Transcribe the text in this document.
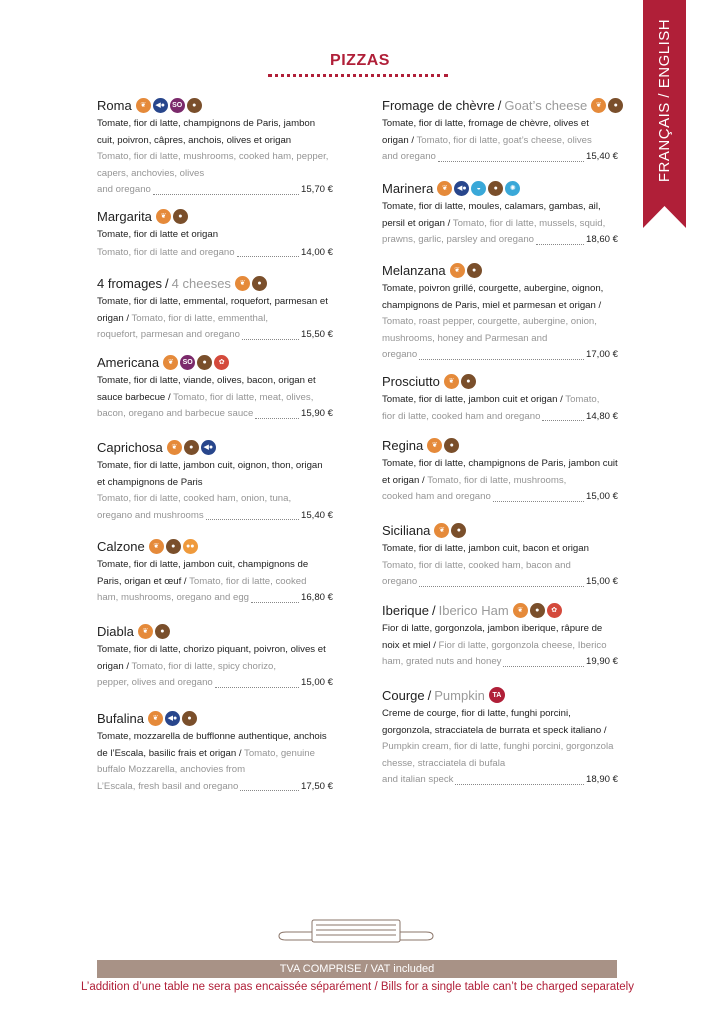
FRANÇAIS / ENGLISH
PIZZAS
Roma	❦	◀●	SO	●
Tomate, fior di latte, champignons de Paris, jambon cuit, poivron, câpres, anchois, olives et origan
Tomato, fior di latte, mushrooms, cooked ham, pepper, capers, anchovies, olives
and oregano	15,70 €
Margarita	❦	●
Tomate, fior di latte et origan
Tomato, fior di latte and oregano	14,00 €
4 fromages / 4 cheeses	❦	●
Tomate, fior di latte, emmental, roquefort, parmesan et origan / Tomato, fior di latte, emmenthal,
roquefort, parmesan and oregano	15,50 €
Americana	❦	SO	●	✿
Tomate, fior di latte, viande, olives, bacon, origan et sauce barbecue / Tomato, fior di latte, meat, olives,
bacon, oregano and barbecue sauce	15,90 €
Caprichosa	❦	●	◀●
Tomate, fior di latte, jambon cuit, oignon, thon, origan et champignons de Paris
Tomato, fior di latte, cooked ham, onion, tuna,
oregano and mushrooms	15,40 €
Calzone	❦	●	●●
Tomate, fior di latte, jambon cuit, champignons de Paris, origan et œuf / Tomato, fior di latte, cooked
ham, mushrooms, oregano and egg	16,80 €
Diabla	❦	●
Tomate, fior di latte, chorizo piquant, poivron, olives et origan / Tomato, fior di latte, spicy chorizo,
pepper, olives and oregano	15,00 €
Bufalina	❦	◀●	●
Tomate, mozzarella de bufflonne authentique, anchois de l’Escala, basilic frais et origan / Tomato, genuine buffalo Mozzarella, anchovies from
L’Escala, fresh basil and oregano	17,50 €
Fromage de chèvre / Goat’s cheese	❦	●
Tomate, fior di latte, fromage de chèvre, olives et origan / Tomato, fior di latte, goat’s cheese, olives
and oregano	15,40 €
Marinera	❦	◀●	◒	●	✺
Tomate, fior di latte, moules, calamars, gambas, ail, persil et origan / Tomato, fior di latte, mussels, squid,
prawns, garlic, parsley and oregano	18,60 €
Melanzana	❦	●
Tomate, poivron grillé, courgette, aubergine, oignon, champignons de Paris, miel et parmesan et origan / Tomato, roast pepper, courgette, aubergine, onion, mushrooms, honey and Parmesan and
oregano	17,00 €
Prosciutto	❦	●
Tomate, fior di latte, jambon cuit et origan / Tomato,
fior di latte, cooked ham and oregano	14,80 €
Regina	❦	●
Tomate, fior di latte, champignons de Paris, jambon cuit et origan / Tomato, fior di latte, mushrooms,
cooked ham and oregano	15,00 €
Siciliana	❦	●
Tomate, fior di latte, jambon cuit, bacon et origan
Tomato, fior di latte, cooked ham, bacon and
oregano	15,00 €
Iberique / Iberico Ham	❦	●	✿
Fior di latte, gorgonzola, jambon iberique, râpure de noix et miel / Fior di latte, gorgonzola cheese, Iberico
ham, grated nuts and honey	19,90 €
Courge / Pumpkin	TA
Creme de courge, fior di latte, funghi porcini, gorgonzola, stracciatela de burrata et speck italiano / Pumpkin cream, fior di latte, funghi porcini, gorgonzola chesse, stracciatela di bufala
and italian speck	18,90 €
TVA COMPRISE / VAT included
L’addition d’une table ne sera pas encaissée séparément / Bills for a single table can’t be charged separately
